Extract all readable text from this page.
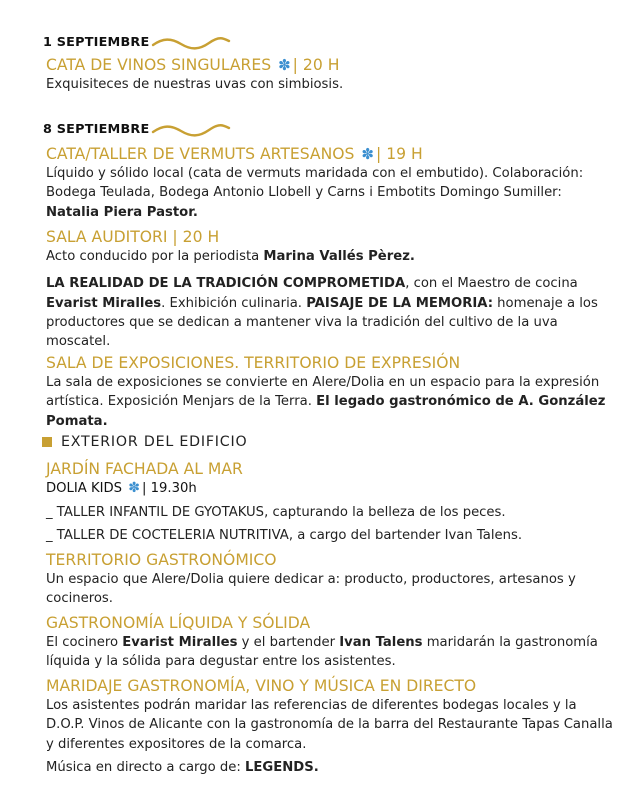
1 SEPTIEMBRE
CATA DE VINOS SINGULARES ✽ | 20 H
Exquisiteces de nuestras uvas con simbiosis.
8 SEPTIEMBRE
CATA/TALLER DE VERMUTS ARTESANOS ✽ | 19 H
Líquido y sólido local (cata de vermuts maridada con el embutido). Colaboración: Bodega Teulada, Bodega Antonio Llobell y Carns i Embotits Domingo Sumiller: Natalia Piera Pastor.
SALA AUDITORI | 20 H
Acto conducido por la periodista Marina Vallés Pèrez.
LA REALIDAD DE LA TRADICIÓN COMPROMETIDA, con el Maestro de cocina Evarist Miralles. Exhibición culinaria. PAISAJE DE LA MEMORIA: homenaje a los productores que se dedican a mantener viva la tradición del cultivo de la uva moscatel.
SALA DE EXPOSICIONES. TERRITORIO DE EXPRESIÓN
La sala de exposiciones se convierte en Alere/Dolia en un espacio para la expresión artística. Exposición Menjars de la Terra. El legado gastronómico de A. González Pomata.
EXTERIOR DEL EDIFICIO
JARDÍN FACHADA AL MAR
DOLIA KIDS ✽ | 19.30h
_ TALLER INFANTIL DE GYOTAKUS, capturando la belleza de los peces.
_ TALLER DE COCTELERIA NUTRITIVA, a cargo del bartender Ivan Talens.
TERRITORIO GASTRONÓMICO
Un espacio que Alere/Dolia quiere dedicar a: producto, productores, artesanos y cocineros.
GASTRONOMÍA LÍQUIDA Y SÓLIDA
El cocinero Evarist Miralles y el bartender Ivan Talens maridarán la gastronomía líquida y la sólida para degustar entre los asistentes.
MARIDAJE GASTRONOMÍA, VINO Y MÚSICA EN DIRECTO
Los asistentes podrán maridar las referencias de diferentes bodegas locales y la D.O.P. Vinos de Alicante con la gastronomía de la barra del Restaurante Tapas Canalla y diferentes expositores de la comarca.
Música en directo a cargo de: LEGENDS.
